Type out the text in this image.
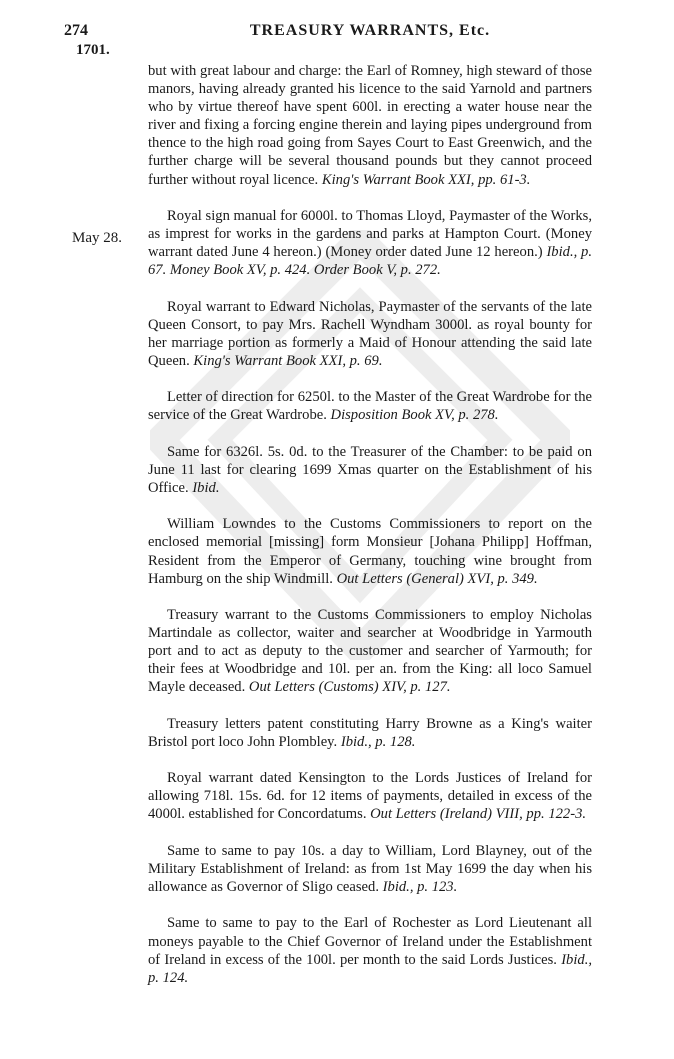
274	TREASURY WARRANTS, Etc.
1701.
May 28.

but with great labour and charge: the Earl of Romney, high steward of those manors, having already granted his licence to the said Yarnold and partners who by virtue thereof have spent 600l. in erecting a water house near the river and fixing a forcing engine therein and laying pipes underground from thence to the high road going from Sayes Court to East Greenwich, and the further charge will be several thousand pounds but they cannot proceed further without royal licence. King's Warrant Book XXI, pp. 61-3.

Royal sign manual for 6000l. to Thomas Lloyd, Paymaster of the Works, as imprest for works in the gardens and parks at Hampton Court. (Money warrant dated June 4 hereon.) (Money order dated June 12 hereon.) Ibid., p. 67. Money Book XV, p. 424. Order Book V, p. 272.

Royal warrant to Edward Nicholas, Paymaster of the servants of the late Queen Consort, to pay Mrs. Rachell Wyndham 3000l. as royal bounty for her marriage portion as formerly a Maid of Honour attending the said late Queen. King's Warrant Book XXI, p. 69.

Letter of direction for 6250l. to the Master of the Great Wardrobe for the service of the Great Wardrobe. Disposition Book XV, p. 278.

Same for 6326l. 5s. 0d. to the Treasurer of the Chamber: to be paid on June 11 last for clearing 1699 Xmas quarter on the Establishment of his Office. Ibid.

William Lowndes to the Customs Commissioners to report on the enclosed memorial [missing] form Monsieur [Johana Philipp] Hoffman, Resident from the Emperor of Germany, touching wine brought from Hamburg on the ship Windmill. Out Letters (General) XVI, p. 349.

Treasury warrant to the Customs Commissioners to employ Nicholas Martindale as collector, waiter and searcher at Woodbridge in Yarmouth port and to act as deputy to the customer and searcher of Yarmouth; for their fees at Woodbridge and 10l. per an. from the King: all loco Samuel Mayle deceased. Out Letters (Customs) XIV, p. 127.

Treasury letters patent constituting Harry Browne as a King's waiter Bristol port loco John Plombley. Ibid., p. 128.

Royal warrant dated Kensington to the Lords Justices of Ireland for allowing 718l. 15s. 6d. for 12 items of payments, detailed in excess of the 4000l. established for Concordatums. Out Letters (Ireland) VIII, pp. 122-3.

Same to same to pay 10s. a day to William, Lord Blayney, out of the Military Establishment of Ireland: as from 1st May 1699 the day when his allowance as Governor of Sligo ceased. Ibid., p. 123.

Same to same to pay to the Earl of Rochester as Lord Lieutenant all moneys payable to the Chief Governor of Ireland under the Establishment of Ireland in excess of the 100l. per month to the said Lords Justices. Ibid., p. 124.
